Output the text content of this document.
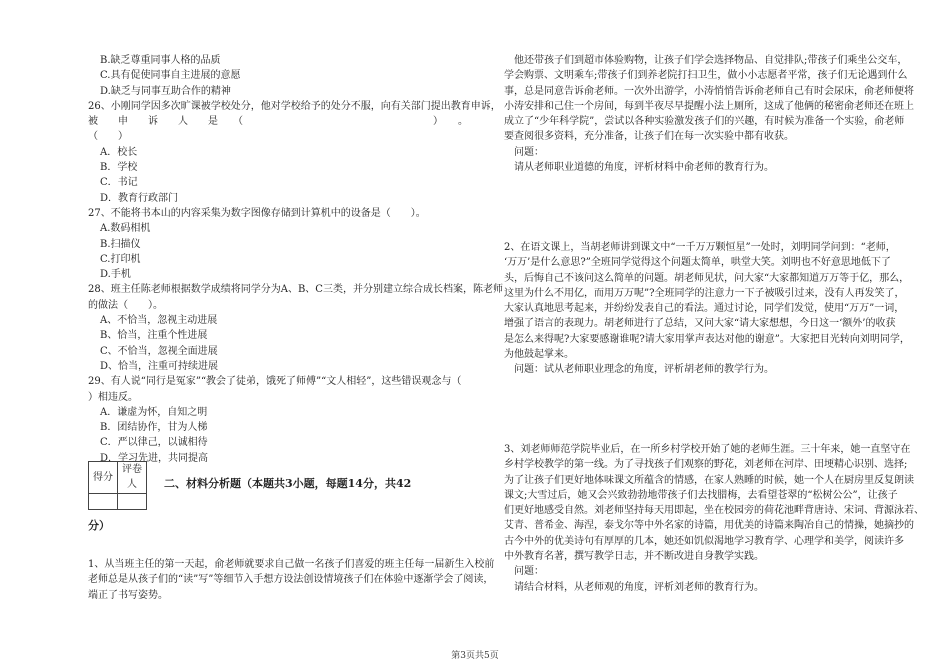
B.缺乏尊重同事人格的品质
C.具有促使同事自主进展的意愿
D.缺乏与同事互助合作的精神
26、小刚同学因多次旷课被学校处分，他对学校给予的处分不服，向有关部门提出教育申诉，
被　　申　　诉　　人　　是　　（　　　　　　　　　　　　　　　　　　　）　　。
（　　）
A．校长
B．学校
C．书记
D．教育行政部门
27、不能将书本山的内容采集为数字图像存储到计算机中的设备是（　　）。
A.数码相机
B.扫描仪
C.打印机
D.手机
28、班主任陈老师根据数学成绩将同学分为A、B、C三类，并分别建立综合成长档案，陈老师
的做法（　　）。
A、不恰当，忽视主动进展
B、恰当，注重个性进展
C、不恰当，忽视全面进展
D、恰当，注重可持续进展
29、有人说“同行是冤家”“教会了徒弟，饿死了师傅”“文人相轻”，这些错误观念与（
）相违反。
A．谦虚为怀，自知之明
B．团结协作，甘为人梯
C．严以律己，以诚相待
D．学习先进，共同提高
得分	评卷人
	二、材料分析题（本题共3小题，每题14分，共42
分）
1、从当班主任的第一天起，俞老师就要求自己做一名孩子们喜爱的班主任每一届新生入校前
老师总是从孩子们的“读”写”等细节入手想方设法创设情境孩子们在体验中逐渐学会了阅读，
端正了书写姿势。
他还带孩子们到超市体验购物，让孩子们学会选择物品、自觉排队;带孩子们乘坐公交车，
学会购票、文明乘车;带孩子们到养老院打扫卫生，做小小志愿者平常，孩子们无论遇到什么
事，总是同意告诉俞老师。一次外出游学，小涛悄悄告诉俞老师自己有时会尿床，俞老师便将
小涛安排和己住一个房间，每到半夜尽早提醒小法上厕所，这成了他俩的秘密俞老师还在班上
成立了“少年科学院”，尝试以各种实验激发孩子们的兴趣，有时候为准备一个实验，俞老师
要查阅很多资料，充分准备，让孩子们在每一次实验中都有收获。
问题：
请从老师职业道德的角度，评析材料中俞老师的教育行为。
2、在语文课上，当胡老师讲到课文中“一千万万颗恒星”一处时，刘明同学问到：“老师，
‘万万’是什么意思?”全班同学觉得这个问题太简单，哄堂大笑。刘明也不好意思地低下了
头，后悔自己不该问这么简单的问题。胡老师见状，问大家“大家都知道万万等于亿，那么，
这里为什么不用亿，而用万万呢”?全班同学的注意力一下子被吸引过来，没有人再发笑了，
大家认真地思考起来，并纷纷发表自己的看法。通过讨论，同学们发觉，使用“万万”一词，
增强了语言的表现力。胡老师进行了总结，又问大家“请大家想想，今日这一‘额外’的收获
是怎么来得呢?大家要感谢谁呢?请大家用掌声表达对他的谢意”。大家把目光转向刘明同学，
为他鼓起掌来。
问题：试从老师职业理念的角度，评析胡老师的教学行为。
3、刘老师师范学院毕业后，在一所乡村学校开始了她的老师生涯。三十年来，她一直坚守在
乡村学校教学的第一线。为了寻找孩子们观察的野花，刘老师在河岸、田埂精心识别、选择;
为了让孩子们更好地体味课文所蕴含的情感，在家人熟睡的时候，她一个人在厨房里反复朗读
课文;大雪过后，她又会兴致勃勃地带孩子们去找腊梅，去看望苍翠的“松树公公”，让孩子
们更好地感受自然。刘老师坚持每天用即起，坐在校园旁的荷花池畔背唐诗、宋词、背源泳若、
艾青、普希金、海涅，泰戈尔等中外名家的诗篇，用优美的诗篇来陶冶自己的情操，她摘抄的
古今中外的优美诗句有厚厚的几本，她还如饥似渴地学习教育学、心理学和美学，阅读许多
中外教育名著，撰写教学日志，并不断改进自身教学实践。
问题：
请结合材料，从老师观的角度，评析刘老师的教育行为。
第3页共5页
